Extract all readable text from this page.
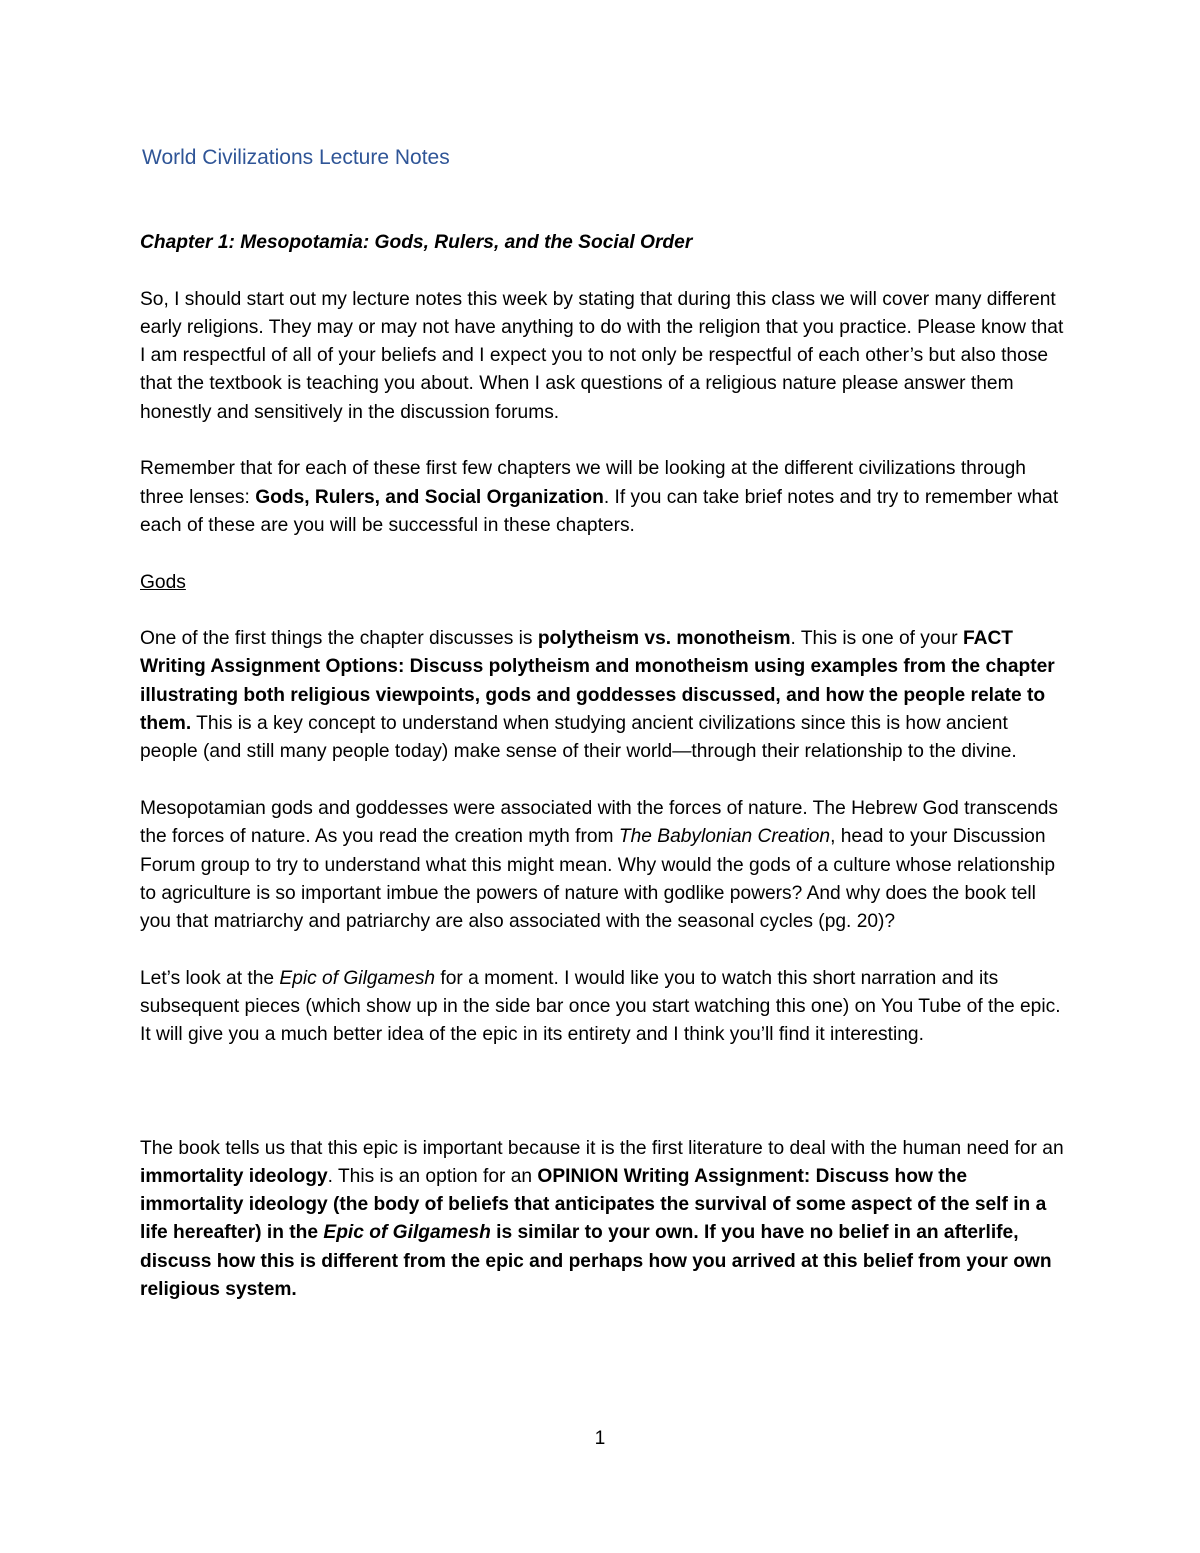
World Civilizations Lecture Notes

Chapter 1: Mesopotamia: Gods, Rulers, and the Social Order

So, I should start out my lecture notes this week by stating that during this class we will cover many different early religions. They may or may not have anything to do with the religion that you practice. Please know that I am respectful of all of your beliefs and I expect you to not only be respectful of each other’s but also those that the textbook is teaching you about. When I ask questions of a religious nature please answer them honestly and sensitively in the discussion forums.

Remember that for each of these first few chapters we will be looking at the different civilizations through three lenses: Gods, Rulers, and Social Organization. If you can take brief notes and try to remember what each of these are you will be successful in these chapters.

Gods

One of the first things the chapter discusses is polytheism vs. monotheism. This is one of your FACT Writing Assignment Options: Discuss polytheism and monotheism using examples from the chapter illustrating both religious viewpoints, gods and goddesses discussed, and how the people relate to them. This is a key concept to understand when studying ancient civilizations since this is how ancient people (and still many people today) make sense of their world—through their relationship to the divine.

Mesopotamian gods and goddesses were associated with the forces of nature. The Hebrew God transcends the forces of nature. As you read the creation myth from The Babylonian Creation, head to your Discussion Forum group to try to understand what this might mean. Why would the gods of a culture whose relationship to agriculture is so important imbue the powers of nature with godlike powers? And why does the book tell you that matriarchy and patriarchy are also associated with the seasonal cycles (pg. 20)?

Let’s look at the Epic of Gilgamesh for a moment. I would like you to watch this short narration and its subsequent pieces (which show up in the side bar once you start watching this one) on You Tube of the epic. It will give you a much better idea of the epic in its entirety and I think you’ll find it interesting.

The book tells us that this epic is important because it is the first literature to deal with the human need for an immortality ideology. This is an option for an OPINION Writing Assignment: Discuss how the immortality ideology (the body of beliefs that anticipates the survival of some aspect of the self in a life hereafter) in the Epic of Gilgamesh is similar to your own. If you have no belief in an afterlife, discuss how this is different from the epic and perhaps how you arrived at this belief from your own religious system.

1
